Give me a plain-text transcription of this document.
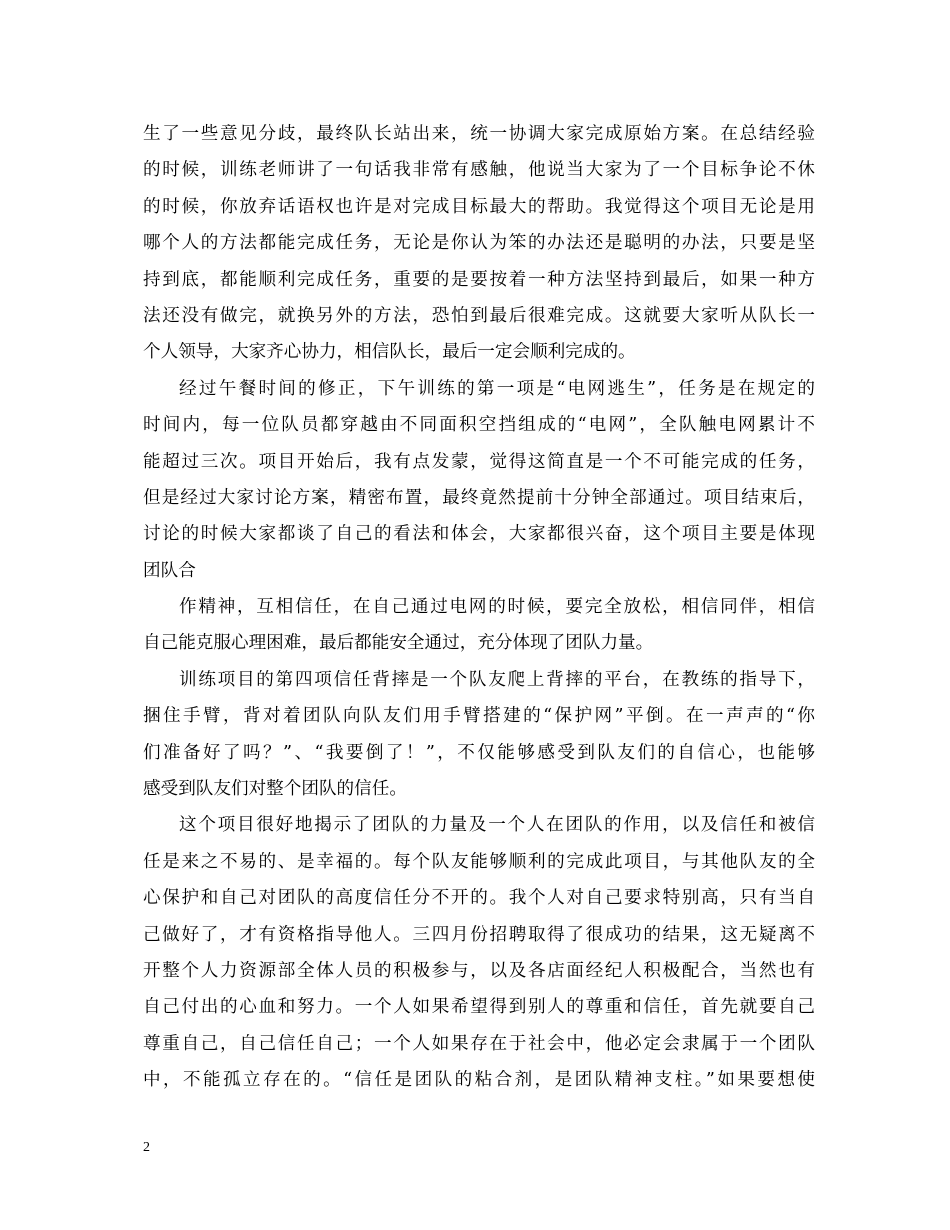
生了一些意见分歧，最终队长站出来，统一协调大家完成原始方案。在总结经验
的时候，训练老师讲了一句话我非常有感触，他说当大家为了一个目标争论不休
的时候，你放弃话语权也许是对完成目标最大的帮助。我觉得这个项目无论是用
哪个人的方法都能完成任务，无论是你认为笨的办法还是聪明的办法，只要是坚
持到底，都能顺利完成任务，重要的是要按着一种方法坚持到最后，如果一种方
法还没有做完，就换另外的方法，恐怕到最后很难完成。这就要大家听从队长一
个人领导，大家齐心协力，相信队长，最后一定会顺利完成的。
经过午餐时间的修正，下午训练的第一项是“电网逃生”，任务是在规定的
时间内，每一位队员都穿越由不同面积空挡组成的“电网”，全队触电网累计不
能超过三次。项目开始后，我有点发蒙，觉得这简直是一个不可能完成的任务，
但是经过大家讨论方案，精密布置，最终竟然提前十分钟全部通过。项目结束后，
讨论的时候大家都谈了自己的看法和体会，大家都很兴奋，这个项目主要是体现
团队合
作精神，互相信任，在自己通过电网的时候，要完全放松，相信同伴，相信
自己能克服心理困难，最后都能安全通过，充分体现了团队力量。
训练项目的第四项信任背摔是一个队友爬上背摔的平台，在教练的指导下，
捆住手臂，背对着团队向队友们用手臂搭建的“保护网”平倒。在一声声的“你
们准备好了吗？”、“我要倒了！”，不仅能够感受到队友们的自信心，也能够
感受到队友们对整个团队的信任。
这个项目很好地揭示了团队的力量及一个人在团队的作用，以及信任和被信
任是来之不易的、是幸福的。每个队友能够顺利的完成此项目，与其他队友的全
心保护和自己对团队的高度信任分不开的。我个人对自己要求特别高，只有当自
己做好了，才有资格指导他人。三四月份招聘取得了很成功的结果，这无疑离不
开整个人力资源部全体人员的积极参与，以及各店面经纪人积极配合，当然也有
自己付出的心血和努力。一个人如果希望得到别人的尊重和信任，首先就要自己
尊重自己，自己信任自己；一个人如果存在于社会中，他必定会隶属于一个团队
中，不能孤立存在的。“信任是团队的粘合剂，是团队精神支柱。”如果要想使
2
